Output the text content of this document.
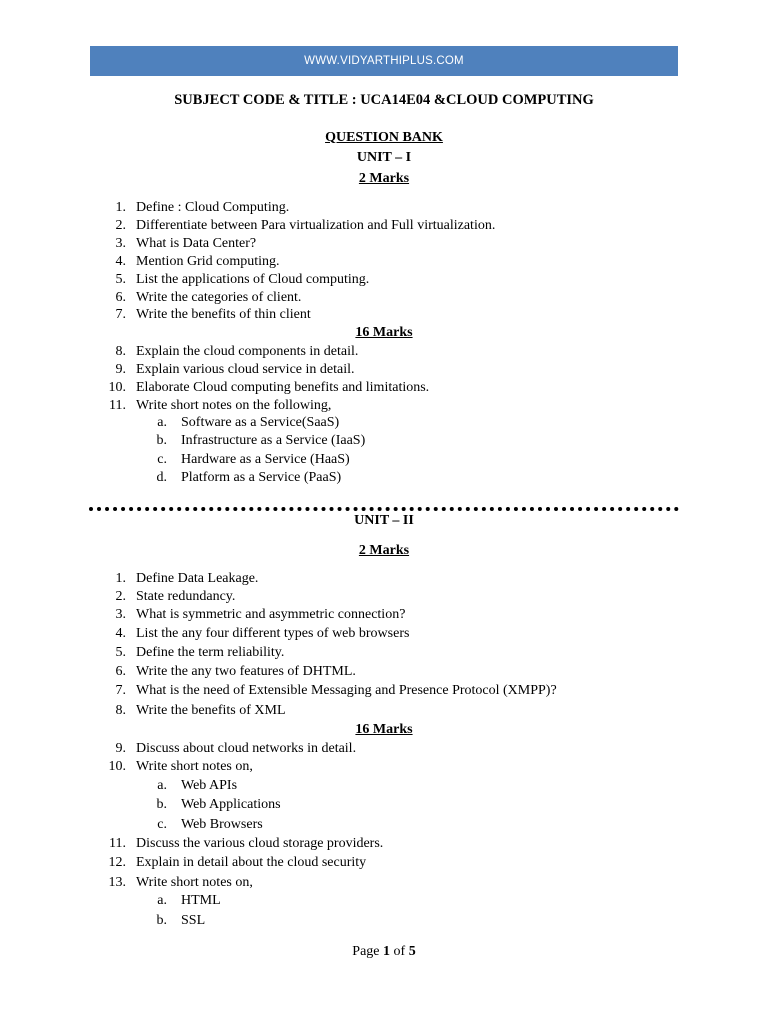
WWW.VIDYARTHIPLUS.COM
SUBJECT CODE & TITLE : UCA14E04 &CLOUD COMPUTING
QUESTION BANK
UNIT – I
2 Marks
1. Define : Cloud Computing.
2. Differentiate between Para virtualization and Full virtualization.
3. What is Data Center?
4. Mention Grid computing.
5. List the applications of Cloud computing.
6. Write the categories of client.
7. Write the benefits of thin client
16 Marks
8. Explain the cloud components in detail.
9. Explain various cloud service in detail.
10. Elaborate Cloud computing benefits and limitations.
11. Write short notes on the following,
a. Software as a Service(SaaS)
b. Infrastructure as a Service (IaaS)
c. Hardware as a Service (HaaS)
d. Platform as a Service (PaaS)
UNIT – II
2 Marks
1. Define Data Leakage.
2. State redundancy.
3. What is symmetric and asymmetric connection?
4. List the any four different types of web browsers
5. Define the term reliability.
6. Write the any two features of DHTML.
7. What is the need of Extensible Messaging and Presence Protocol (XMPP)?
8. Write the benefits of XML
16 Marks
9. Discuss about cloud networks in detail.
10. Write short notes on,
a. Web APIs
b. Web Applications
c. Web Browsers
11. Discuss the various cloud storage providers.
12. Explain in detail about the cloud security
13. Write short notes on,
a. HTML
b. SSL
Page 1 of 5
